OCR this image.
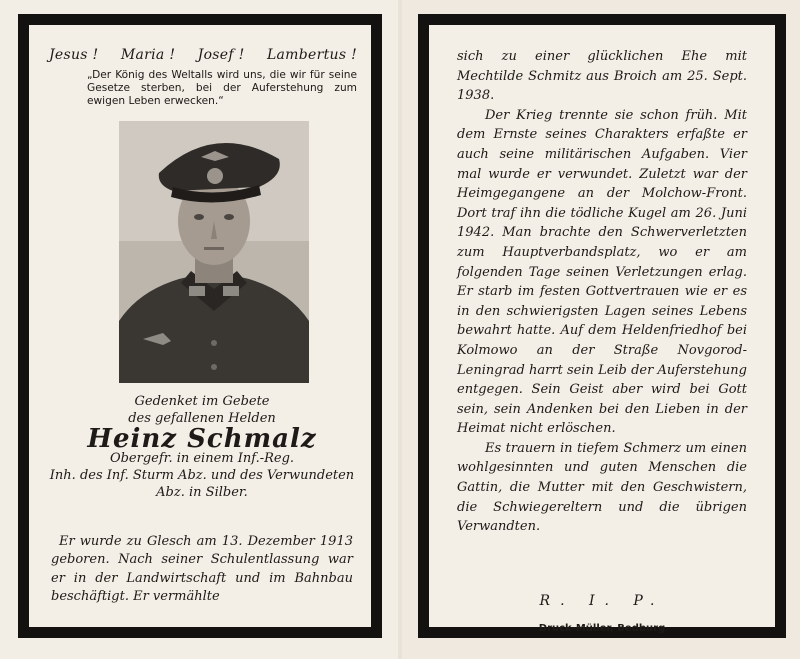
Jesus ! Maria ! Josef ! Lambertus !
„Der König des Weltalls wird uns, die wir für seine Gesetze sterben, bei der Auferstehung zum ewigen Leben erwecken.“
Gedenket im Gebete
des gefallenen Helden
Heinz Schmalz
Obergefr. in einem Inf.-Reg.
Inh. des Inf. Sturm Abz. und des Verwundeten Abz. in Silber.
Er wurde zu Glesch am 13. Dezember 1913 geboren. Nach seiner Schulentlassung war er in der Landwirtschaft und im Bahnbau beschäftigt. Er vermählte

sich zu einer glücklichen Ehe mit Mechtilde Schmitz aus Broich am 25. Sept. 1938.

Der Krieg trennte sie schon früh. Mit dem Ernste seines Charakters erfaßte er auch seine militärischen Aufgaben. Vier mal wurde er verwundet. Zuletzt war der Heimgegangene an der Molchow-Front. Dort traf ihn die tödliche Kugel am 26. Juni 1942. Man brachte den Schwerverletzten zum Hauptverbandsplatz, wo er am folgenden Tage seinen Verletzungen erlag. Er starb im festen Gottvertrauen wie er es in den schwierigsten Lagen seines Lebens bewahrt hatte. Auf dem Heldenfriedhof bei Kolmowo an der Straße Novgorod-Leningrad harrt sein Leib der Auferstehung entgegen. Sein Geist aber wird bei Gott sein, sein Andenken bei den Lieben in der Heimat nicht erlöschen.

Es trauern in tiefem Schmerz um einen wohlgesinnten und guten Menschen die Gattin, die Mutter mit den Geschwistern, die Schwiegereltern und die übrigen Verwandten.

R. I. P.
Druck-Müller, Bedburg
